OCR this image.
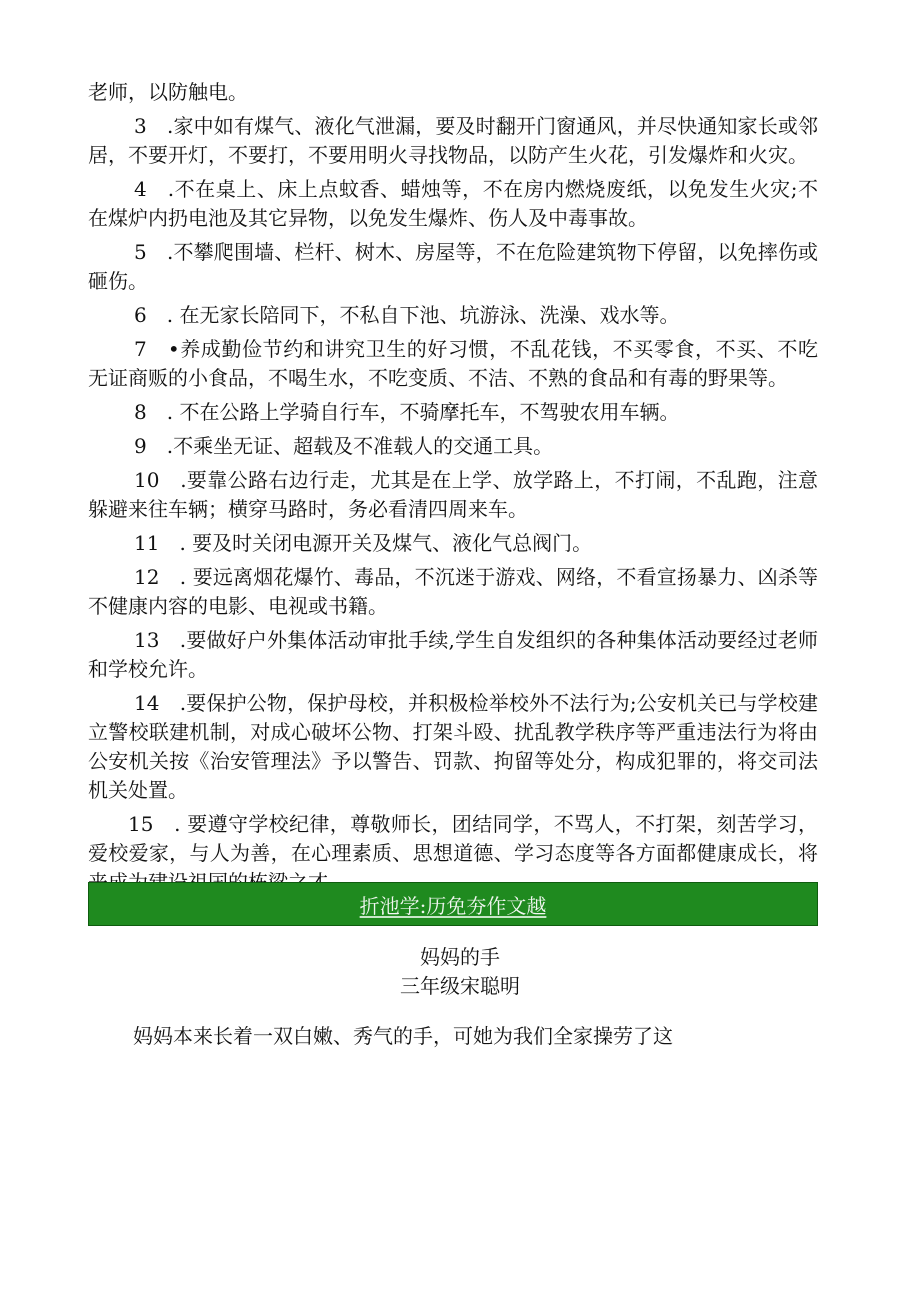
老师，以防触电。

3　.家中如有煤气、液化气泄漏，要及时翻开门窗通风，并尽快通知家长或邻居，不要开灯，不要打，不要用明火寻找物品，以防产生火花，引发爆炸和火灾。

4　.不在桌上、床上点蚊香、蜡烛等，不在房内燃烧废纸，以免发生火灾;不在煤炉内扔电池及其它异物，以免发生爆炸、伤人及中毒事故。

5　.不攀爬围墙、栏杆、树木、房屋等，不在危险建筑物下停留，以免摔伤或砸伤。

6　. 在无家长陪同下，不私自下池、坑游泳、洗澡、戏水等。

7　•养成勤俭节约和讲究卫生的好习惯，不乱花钱，不买零食，不买、不吃无证商贩的小食品，不喝生水，不吃变质、不洁、不熟的食品和有毒的野果等。

8　. 不在公路上学骑自行车，不骑摩托车，不驾驶农用车辆。

9　.不乘坐无证、超载及不准载人的交通工具。

10　.要靠公路右边行走，尤其是在上学、放学路上，不打闹，不乱跑，注意躲避来往车辆；横穿马路时，务必看清四周来车。

11　. 要及时关闭电源开关及煤气、液化气总阀门。

12　. 要远离烟花爆竹、毒品，不沉迷于游戏、网络，不看宣扬暴力、凶杀等不健康内容的电影、电视或书籍。

13　.要做好户外集体活动审批手续,学生自发组织的各种集体活动要经过老师和学校允许。

14　.要保护公物，保护母校，并积极检举校外不法行为;公安机关已与学校建立警校联建机制，对成心破坏公物、打架斗殴、扰乱教学秩序等严重违法行为将由公安机关按《治安管理法》予以警告、罚款、拘留等处分，构成犯罪的，将交司法机关处置。

15　. 要遵守学校纪律，尊敬师长，团结同学，不骂人，不打架，刻苦学习，爱校爱家，与人为善，在心理素质、思想道德、学习态度等各方面都健康成长，将

折池学:历免夯作文越
妈妈的手
三年级宋聪明
妈妈本来长着一双白嫩、秀气的手，可她为我们全家操劳了这
